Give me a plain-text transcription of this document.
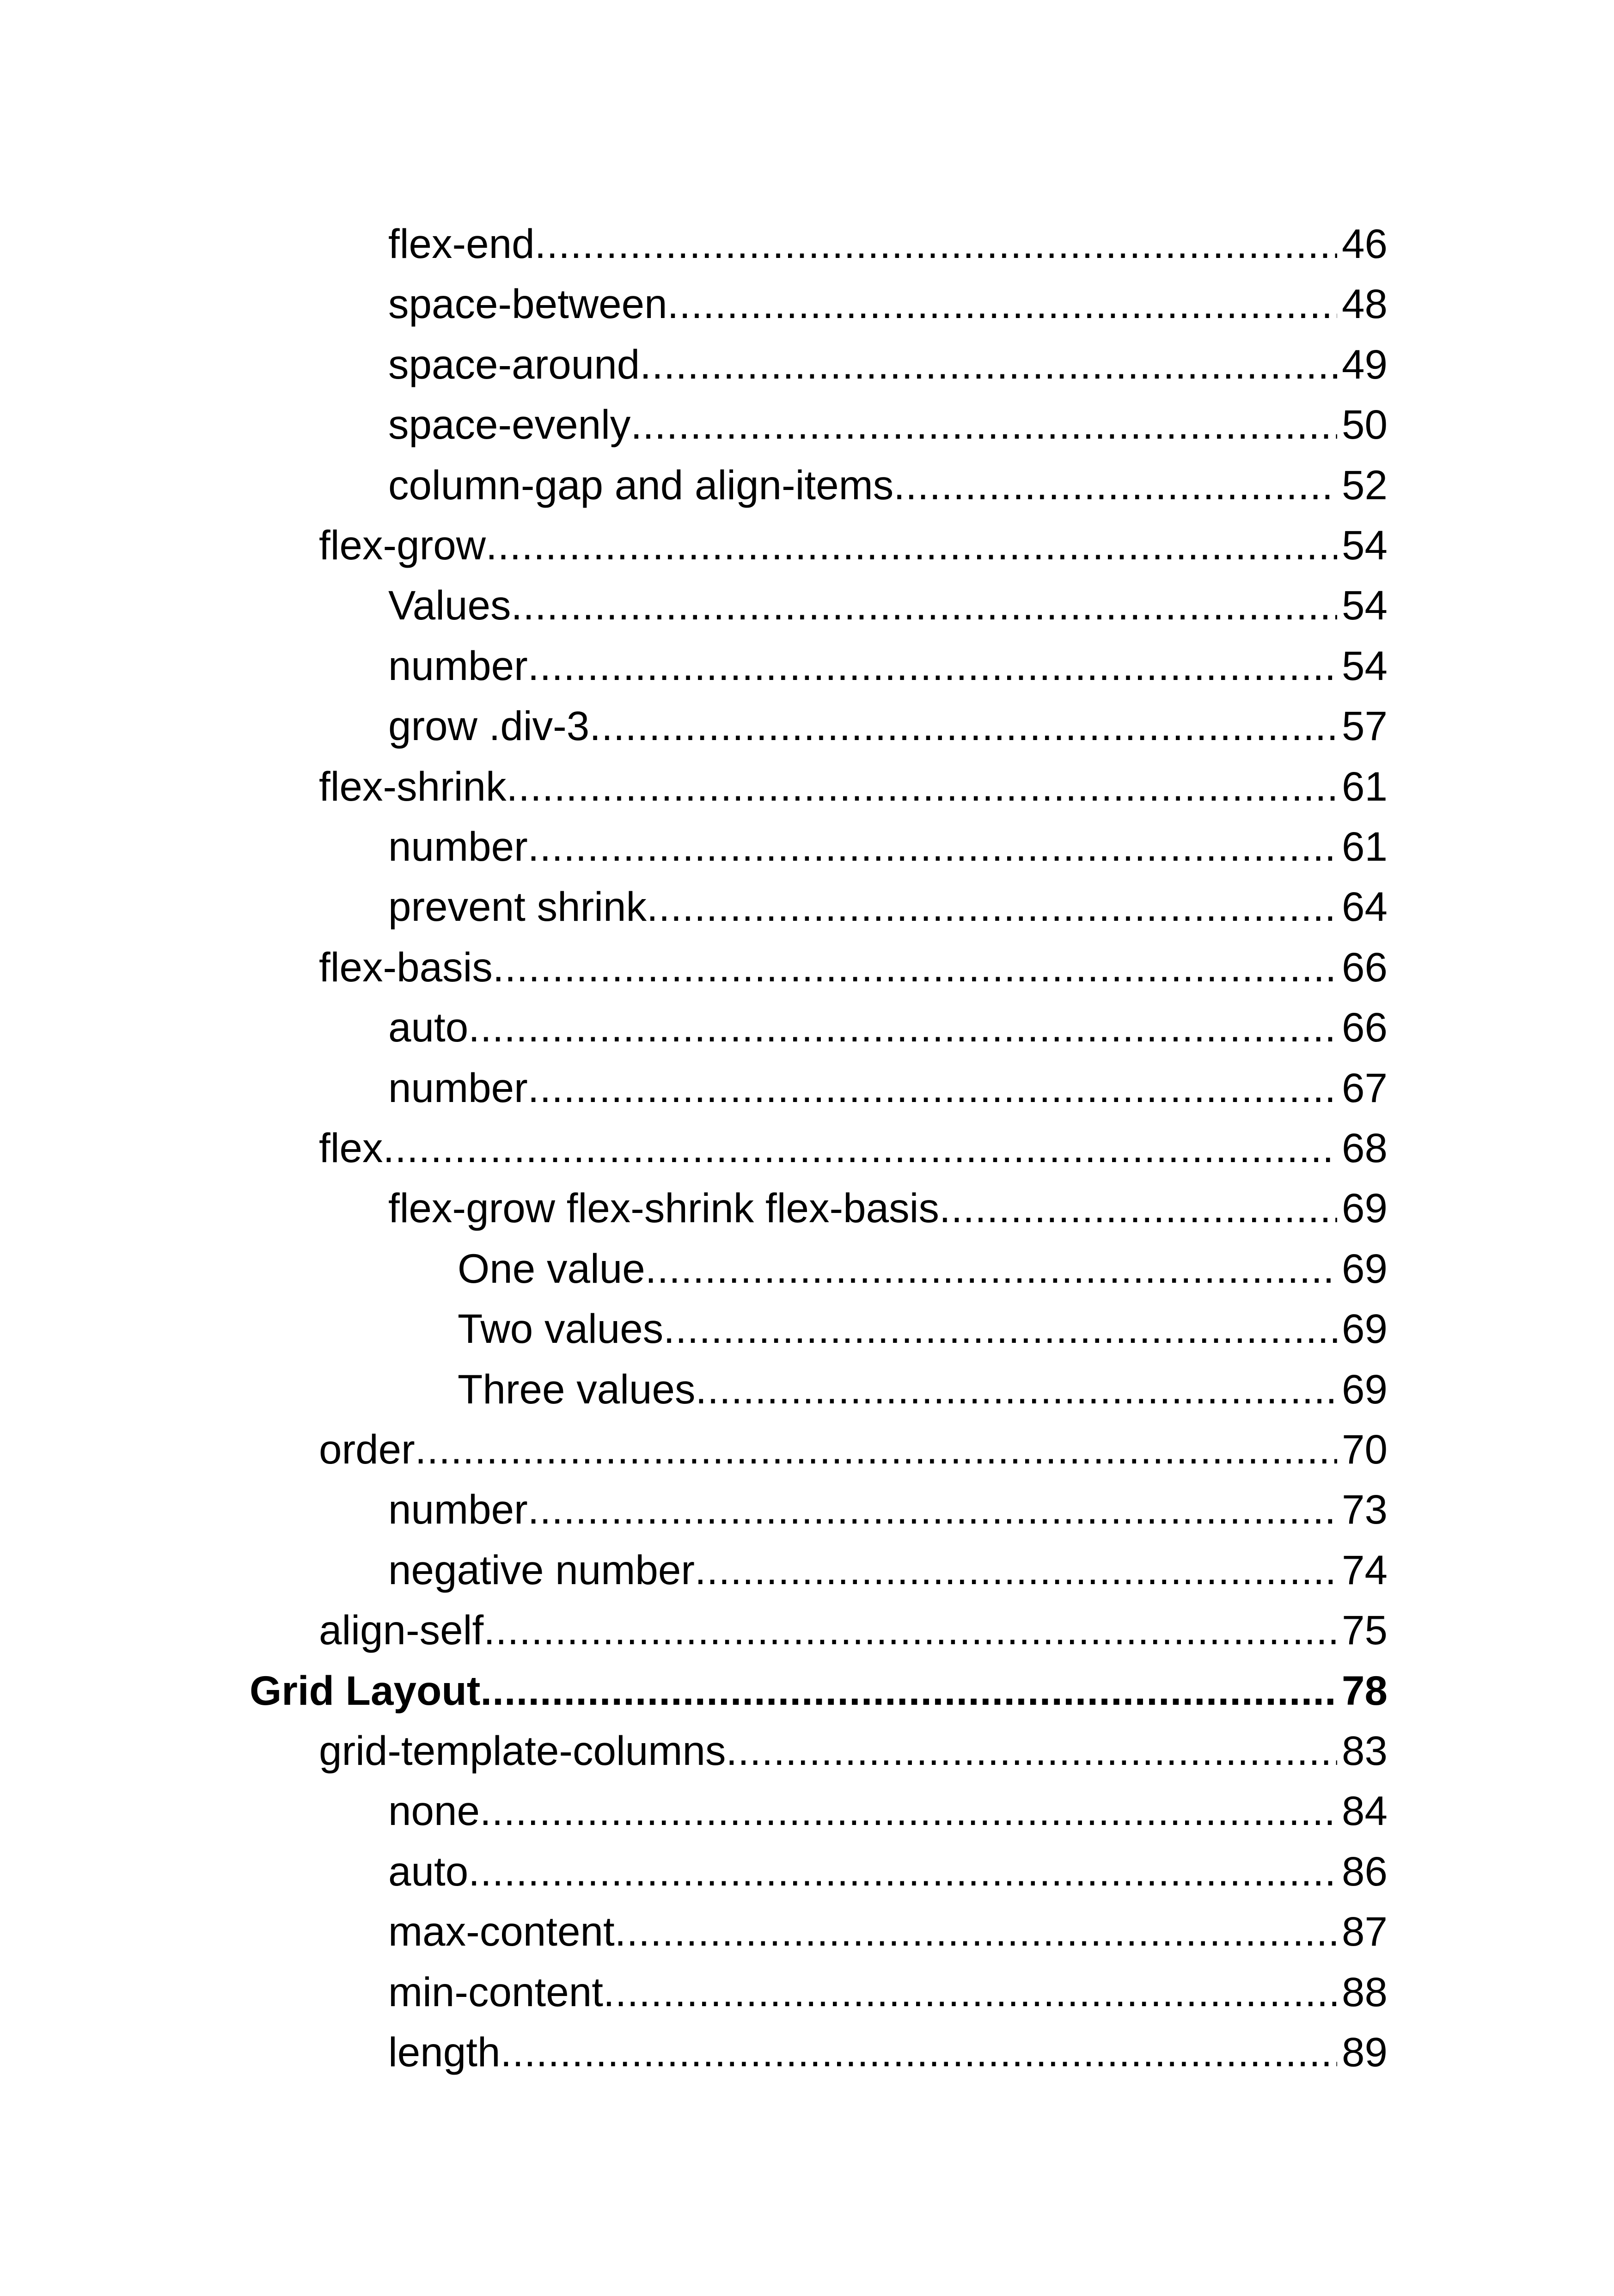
flex-end .....	46
space-between .....	48
space-around .....	49
space-evenly .....	50
column-gap and align-items .....	52
flex-grow .....	54
Values .....	54
number .....	54
grow .div-3 .....	57
flex-shrink .....	61
number .....	61
prevent shrink .....	64
flex-basis .....	66
auto .....	66
number .....	67
flex .....	68
flex-grow flex-shrink flex-basis .....	69
One value .....	69
Two values .....	69
Three values .....	69
order .....	70
number .....	73
negative number .....	74
align-self .....	75
Grid Layout .....	78
grid-template-columns .....	83
none .....	84
auto .....	86
max-content .....	87
min-content .....	88
length .....	89
